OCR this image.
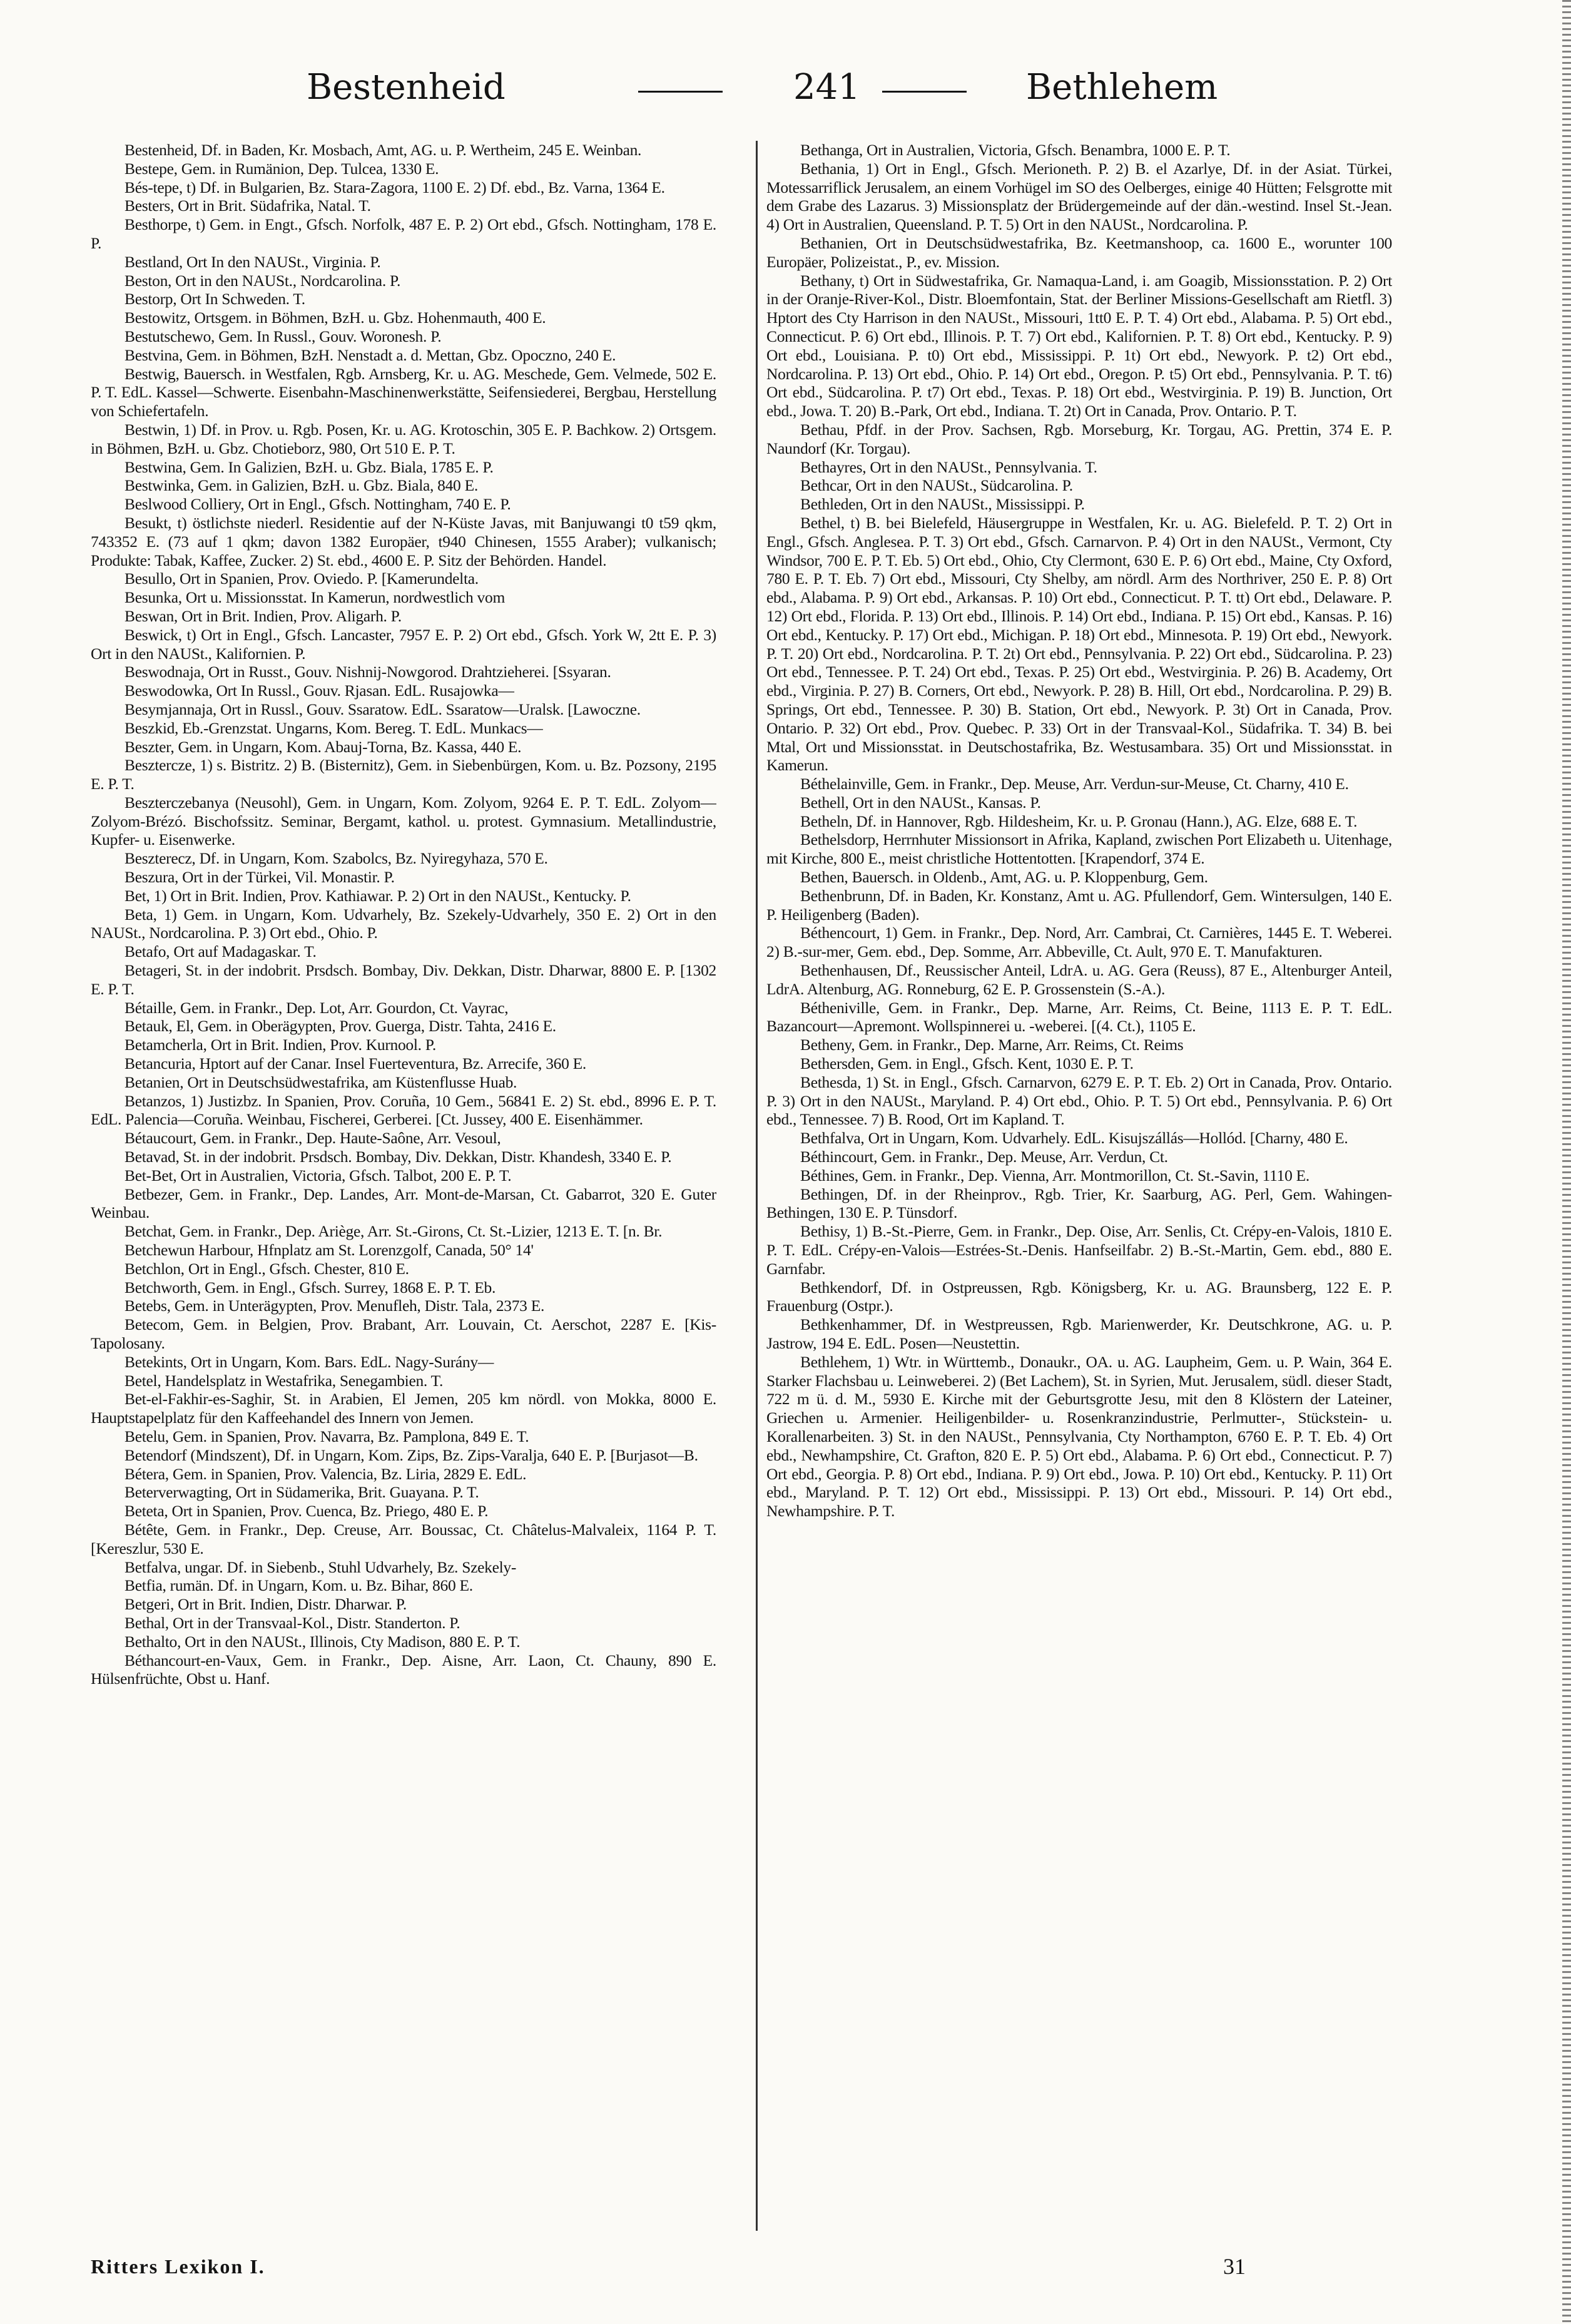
Bestenheid	241	Bethlehem

Bestenheid, Df. in Baden, Kr. Mosbach, Amt, AG. u. P. Wertheim, 245 E. Weinban.

Bestepe, Gem. in Rumänion, Dep. Tulcea, 1330 E.

Bés-tepe, t) Df. in Bulgarien, Bz. Stara-Zagora, 1100 E. 2) Df. ebd., Bz. Varna, 1364 E.

Besters, Ort in Brit. Südafrika, Natal. T.

Besthorpe, t) Gem. in Engt., Gfsch. Norfolk, 487 E. P. 2) Ort ebd., Gfsch. Nottingham, 178 E. P.

Bestland, Ort In den NAUSt., Virginia. P.

Beston, Ort in den NAUSt., Nordcarolina. P.

Bestorp, Ort In Schweden. T.

Bestowitz, Ortsgem. in Böhmen, BzH. u. Gbz. Hohenmauth, 400 E.

Bestutschewo, Gem. In Russl., Gouv. Woronesh. P.

Bestvina, Gem. in Böhmen, BzH. Nenstadt a. d. Mettan, Gbz. Opoczno, 240 E.

Bestwig, Bauersch. in Westfalen, Rgb. Arnsberg, Kr. u. AG. Meschede, Gem. Velmede, 502 E. P. T. EdL. Kassel—Schwerte. Eisenbahn-Maschinenwerkstätte, Seifensiederei, Bergbau, Herstellung von Schiefertafeln.

Bestwin, 1) Df. in Prov. u. Rgb. Posen, Kr. u. AG. Krotoschin, 305 E. P. Bachkow. 2) Ortsgem. in Böhmen, BzH. u. Gbz. Chotieborz, 980, Ort 510 E. P. T.

Bestwina, Gem. In Galizien, BzH. u. Gbz. Biala, 1785 E. P.

Bestwinka, Gem. in Galizien, BzH. u. Gbz. Biala, 840 E.

Beslwood Colliery, Ort in Engl., Gfsch. Nottingham, 740 E. P.

Besukt, t) östlichste niederl. Residentie auf der N-Küste Javas, mit Banjuwangi t0 t59 qkm, 743352 E. (73 auf 1 qkm; davon 1382 Europäer, t940 Chinesen, 1555 Araber); vulkanisch; Produkte: Tabak, Kaffee, Zucker. 2) St. ebd., 4600 E. P. Sitz der Behörden. Handel.

Besullo, Ort in Spanien, Prov. Oviedo. P. [Kamerundelta.

Besunka, Ort u. Missionsstat. In Kamerun, nordwestlich vom

Beswan, Ort in Brit. Indien, Prov. Aligarh. P.

Beswick, t) Ort in Engl., Gfsch. Lancaster, 7957 E. P. 2) Ort ebd., Gfsch. York W, 2tt E. P. 3) Ort in den NAUSt., Kalifornien. P.

Beswodnaja, Ort in Russt., Gouv. Nishnij-Nowgorod. Drahtzieherei. [Ssyaran.

Beswodowka, Ort In Russl., Gouv. Rjasan. EdL. Rusajowka—

Besymjannaja, Ort in Russl., Gouv. Ssaratow. EdL. Ssaratow—Uralsk. [Lawoczne.

Beszkid, Eb.-Grenzstat. Ungarns, Kom. Bereg. T. EdL. Munkacs—

Beszter, Gem. in Ungarn, Kom. Abauj-Torna, Bz. Kassa, 440 E.

Besztercze, 1) s. Bistritz. 2) B. (Bisternitz), Gem. in Siebenbürgen, Kom. u. Bz. Pozsony, 2195 E. P. T.

Beszterczebanya (Neusohl), Gem. in Ungarn, Kom. Zolyom, 9264 E. P. T. EdL. Zolyom—Zolyom-Brézó. Bischofssitz. Seminar, Bergamt, kathol. u. protest. Gymnasium. Metallindustrie, Kupfer- u. Eisenwerke.

Beszterecz, Df. in Ungarn, Kom. Szabolcs, Bz. Nyiregyhaza, 570 E.

Beszura, Ort in der Türkei, Vil. Monastir. P.

Bet, 1) Ort in Brit. Indien, Prov. Kathiawar. P. 2) Ort in den NAUSt., Kentucky. P.

Beta, 1) Gem. in Ungarn, Kom. Udvarhely, Bz. Szekely-Udvarhely, 350 E. 2) Ort in den NAUSt., Nordcarolina. P. 3) Ort ebd., Ohio. P.

Betafo, Ort auf Madagaskar. T.

Betageri, St. in der indobrit. Prsdsch. Bombay, Div. Dekkan, Distr. Dharwar, 8800 E. P. [1302 E. P. T.

Bétaille, Gem. in Frankr., Dep. Lot, Arr. Gourdon, Ct. Vayrac,

Betauk, El, Gem. in Oberägypten, Prov. Guerga, Distr. Tahta, 2416 E.

Betamcherla, Ort in Brit. Indien, Prov. Kurnool. P.

Betancuria, Hptort auf der Canar. Insel Fuerteventura, Bz. Arrecife, 360 E.

Betanien, Ort in Deutschsüdwestafrika, am Küstenflusse Huab.

Betanzos, 1) Justizbz. In Spanien, Prov. Coruña, 10 Gem., 56841 E. 2) St. ebd., 8996 E. P. T. EdL. Palencia—Coruña. Weinbau, Fischerei, Gerberei. [Ct. Jussey, 400 E. Eisenhämmer.

Bétaucourt, Gem. in Frankr., Dep. Haute-Saône, Arr. Vesoul,

Betavad, St. in der indobrit. Prsdsch. Bombay, Div. Dekkan, Distr. Khandesh, 3340 E. P.

Bet-Bet, Ort in Australien, Victoria, Gfsch. Talbot, 200 E. P. T.

Betbezer, Gem. in Frankr., Dep. Landes, Arr. Mont-de-Marsan, Ct. Gabarrot, 320 E. Guter Weinbau.

Betchat, Gem. in Frankr., Dep. Ariège, Arr. St.-Girons, Ct. St.-Lizier, 1213 E. T. [n. Br.

Betchewun Harbour, Hfnplatz am St. Lorenzgolf, Canada, 50° 14'

Betchlon, Ort in Engl., Gfsch. Chester, 810 E.

Betchworth, Gem. in Engl., Gfsch. Surrey, 1868 E. P. T. Eb.

Betebs, Gem. in Unterägypten, Prov. Menufleh, Distr. Tala, 2373 E.

Betecom, Gem. in Belgien, Prov. Brabant, Arr. Louvain, Ct. Aerschot, 2287 E. [Kis-Tapolosany.

Betekints, Ort in Ungarn, Kom. Bars. EdL. Nagy-Surány—

Betel, Handelsplatz in Westafrika, Senegambien. T.

Bet-el-Fakhir-es-Saghir, St. in Arabien, El Jemen, 205 km nördl. von Mokka, 8000 E. Hauptstapelplatz für den Kaffeehandel des Innern von Jemen.

Betelu, Gem. in Spanien, Prov. Navarra, Bz. Pamplona, 849 E. T.

Betendorf (Mindszent), Df. in Ungarn, Kom. Zips, Bz. Zips-Varalja, 640 E. P. [Burjasot—B.

Bétera, Gem. in Spanien, Prov. Valencia, Bz. Liria, 2829 E. EdL.

Beterverwagting, Ort in Südamerika, Brit. Guayana. P. T.

Beteta, Ort in Spanien, Prov. Cuenca, Bz. Priego, 480 E. P.

Bétête, Gem. in Frankr., Dep. Creuse, Arr. Boussac, Ct. Châtelus-Malvaleix, 1164 P. T. [Kereszlur, 530 E.

Betfalva, ungar. Df. in Siebenb., Stuhl Udvarhely, Bz. Szekely-

Betfia, rumän. Df. in Ungarn, Kom. u. Bz. Bihar, 860 E.

Betgeri, Ort in Brit. Indien, Distr. Dharwar. P.

Bethal, Ort in der Transvaal-Kol., Distr. Standerton. P.

Bethalto, Ort in den NAUSt., Illinois, Cty Madison, 880 E. P. T.

Béthancourt-en-Vaux, Gem. in Frankr., Dep. Aisne, Arr. Laon, Ct. Chauny, 890 E. Hülsenfrüchte, Obst u. Hanf.

Bethanga, Ort in Australien, Victoria, Gfsch. Benambra, 1000 E. P. T.

Bethania, 1) Ort in Engl., Gfsch. Merioneth. P. 2) B. el Azarlye, Df. in der Asiat. Türkei, Motessarriflick Jerusalem, an einem Vorhügel im SO des Oelberges, einige 40 Hütten; Felsgrotte mit dem Grabe des Lazarus. 3) Missionsplatz der Brüdergemeinde auf der dän.-westind. Insel St.-Jean. 4) Ort in Australien, Queensland. P. T. 5) Ort in den NAUSt., Nordcarolina. P.

Bethanien, Ort in Deutschsüdwestafrika, Bz. Keetmanshoop, ca. 1600 E., worunter 100 Europäer, Polizeistat., P., ev. Mission.

Bethany, t) Ort in Südwestafrika, Gr. Namaqua-Land, i. am Goagib, Missionsstation. P. 2) Ort in der Oranje-River-Kol., Distr. Bloemfontain, Stat. der Berliner Missions-Gesellschaft am Rietfl. 3) Hptort des Cty Harrison in den NAUSt., Missouri, 1tt0 E. P. T. 4) Ort ebd., Alabama. P. 5) Ort ebd., Connecticut. P. 6) Ort ebd., Illinois. P. T. 7) Ort ebd., Kalifornien. P. T. 8) Ort ebd., Kentucky. P. 9) Ort ebd., Louisiana. P. t0) Ort ebd., Mississippi. P. 1t) Ort ebd., Newyork. P. t2) Ort ebd., Nordcarolina. P. 13) Ort ebd., Ohio. P. 14) Ort ebd., Oregon. P. t5) Ort ebd., Pennsylvania. P. T. t6) Ort ebd., Südcarolina. P. t7) Ort ebd., Texas. P. 18) Ort ebd., Westvirginia. P. 19) B. Junction, Ort ebd., Jowa. T. 20) B.-Park, Ort ebd., Indiana. T. 2t) Ort in Canada, Prov. Ontario. P. T.

Bethau, Pfdf. in der Prov. Sachsen, Rgb. Morseburg, Kr. Torgau, AG. Prettin, 374 E. P. Naundorf (Kr. Torgau).

Bethayres, Ort in den NAUSt., Pennsylvania. T.

Bethcar, Ort in den NAUSt., Südcarolina. P.

Bethleden, Ort in den NAUSt., Mississippi. P.

Bethel, t) B. bei Bielefeld, Häusergruppe in Westfalen, Kr. u. AG. Bielefeld. P. T. 2) Ort in Engl., Gfsch. Anglesea. P. T. 3) Ort ebd., Gfsch. Carnarvon. P. 4) Ort in den NAUSt., Vermont, Cty Windsor, 700 E. P. T. Eb. 5) Ort ebd., Ohio, Cty Clermont, 630 E. P. 6) Ort ebd., Maine, Cty Oxford, 780 E. P. T. Eb. 7) Ort ebd., Missouri, Cty Shelby, am nördl. Arm des Northriver, 250 E. P. 8) Ort ebd., Alabama. P. 9) Ort ebd., Arkansas. P. 10) Ort ebd., Connecticut. P. T. tt) Ort ebd., Delaware. P. 12) Ort ebd., Florida. P. 13) Ort ebd., Illinois. P. 14) Ort ebd., Indiana. P. 15) Ort ebd., Kansas. P. 16) Ort ebd., Kentucky. P. 17) Ort ebd., Michigan. P. 18) Ort ebd., Minnesota. P. 19) Ort ebd., Newyork. P. T. 20) Ort ebd., Nordcarolina. P. T. 2t) Ort ebd., Pennsylvania. P. 22) Ort ebd., Südcarolina. P. 23) Ort ebd., Tennessee. P. T. 24) Ort ebd., Texas. P. 25) Ort ebd., Westvirginia. P. 26) B. Academy, Ort ebd., Virginia. P. 27) B. Corners, Ort ebd., Newyork. P. 28) B. Hill, Ort ebd., Nordcarolina. P. 29) B. Springs, Ort ebd., Tennessee. P. 30) B. Station, Ort ebd., Newyork. P. 3t) Ort in Canada, Prov. Ontario. P. 32) Ort ebd., Prov. Quebec. P. 33) Ort in der Transvaal-Kol., Südafrika. T. 34) B. bei Mtal, Ort und Missionsstat. in Deutschostafrika, Bz. Westusambara. 35) Ort und Missionsstat. in Kamerun.

Béthelainville, Gem. in Frankr., Dep. Meuse, Arr. Verdun-sur-Meuse, Ct. Charny, 410 E.

Bethell, Ort in den NAUSt., Kansas. P.

Betheln, Df. in Hannover, Rgb. Hildesheim, Kr. u. P. Gronau (Hann.), AG. Elze, 688 E. T.

Bethelsdorp, Herrnhuter Missionsort in Afrika, Kapland, zwischen Port Elizabeth u. Uitenhage, mit Kirche, 800 E., meist christliche Hottentotten. [Krapendorf, 374 E.

Bethen, Bauersch. in Oldenb., Amt, AG. u. P. Kloppenburg, Gem.

Bethenbrunn, Df. in Baden, Kr. Konstanz, Amt u. AG. Pfullendorf, Gem. Wintersulgen, 140 E. P. Heiligenberg (Baden).

Béthencourt, 1) Gem. in Frankr., Dep. Nord, Arr. Cambrai, Ct. Carnières, 1445 E. T. Weberei. 2) B.-sur-mer, Gem. ebd., Dep. Somme, Arr. Abbeville, Ct. Ault, 970 E. T. Manufakturen.

Bethenhausen, Df., Reussischer Anteil, LdrA. u. AG. Gera (Reuss), 87 E., Altenburger Anteil, LdrA. Altenburg, AG. Ronneburg, 62 E. P. Grossenstein (S.-A.).

Bétheniville, Gem. in Frankr., Dep. Marne, Arr. Reims, Ct. Beine, 1113 E. P. T. EdL. Bazancourt—Apremont. Wollspinnerei u. -weberei. [(4. Ct.), 1105 E.

Betheny, Gem. in Frankr., Dep. Marne, Arr. Reims, Ct. Reims

Bethersden, Gem. in Engl., Gfsch. Kent, 1030 E. P. T.

Bethesda, 1) St. in Engl., Gfsch. Carnarvon, 6279 E. P. T. Eb. 2) Ort in Canada, Prov. Ontario. P. 3) Ort in den NAUSt., Maryland. P. 4) Ort ebd., Ohio. P. T. 5) Ort ebd., Pennsylvania. P. 6) Ort ebd., Tennessee. 7) B. Rood, Ort im Kapland. T.

Bethfalva, Ort in Ungarn, Kom. Udvarhely. EdL. Kisujszállás—Hollód. [Charny, 480 E.

Béthincourt, Gem. in Frankr., Dep. Meuse, Arr. Verdun, Ct.

Béthines, Gem. in Frankr., Dep. Vienna, Arr. Montmorillon, Ct. St.-Savin, 1110 E.

Bethingen, Df. in der Rheinprov., Rgb. Trier, Kr. Saarburg, AG. Perl, Gem. Wahingen-Bethingen, 130 E. P. Tünsdorf.

Bethisy, 1) B.-St.-Pierre, Gem. in Frankr., Dep. Oise, Arr. Senlis, Ct. Crépy-en-Valois, 1810 E. P. T. EdL. Crépy-en-Valois—Estrées-St.-Denis. Hanfseilfabr. 2) B.-St.-Martin, Gem. ebd., 880 E. Garnfabr.

Bethkendorf, Df. in Ostpreussen, Rgb. Königsberg, Kr. u. AG. Braunsberg, 122 E. P. Frauenburg (Ostpr.).

Bethkenhammer, Df. in Westpreussen, Rgb. Marienwerder, Kr. Deutschkrone, AG. u. P. Jastrow, 194 E. EdL. Posen—Neustettin.

Bethlehem, 1) Wtr. in Württemb., Donaukr., OA. u. AG. Laupheim, Gem. u. P. Wain, 364 E. Starker Flachsbau u. Leinweberei. 2) (Bet Lachem), St. in Syrien, Mut. Jerusalem, südl. dieser Stadt, 722 m ü. d. M., 5930 E. Kirche mit der Geburtsgrotte Jesu, mit den 8 Klöstern der Lateiner, Griechen u. Armenier. Heiligenbilder- u. Rosenkranzindustrie, Perlmutter-, Stückstein- u. Korallenarbeiten. 3) St. in den NAUSt., Pennsylvania, Cty Northampton, 6760 E. P. T. Eb. 4) Ort ebd., Newhampshire, Ct. Grafton, 820 E. P. 5) Ort ebd., Alabama. P. 6) Ort ebd., Connecticut. P. 7) Ort ebd., Georgia. P. 8) Ort ebd., Indiana. P. 9) Ort ebd., Jowa. P. 10) Ort ebd., Kentucky. P. 11) Ort ebd., Maryland. P. T. 12) Ort ebd., Mississippi. P. 13) Ort ebd., Missouri. P. 14) Ort ebd., Newhampshire. P. T.

Ritters Lexikon I.	31
